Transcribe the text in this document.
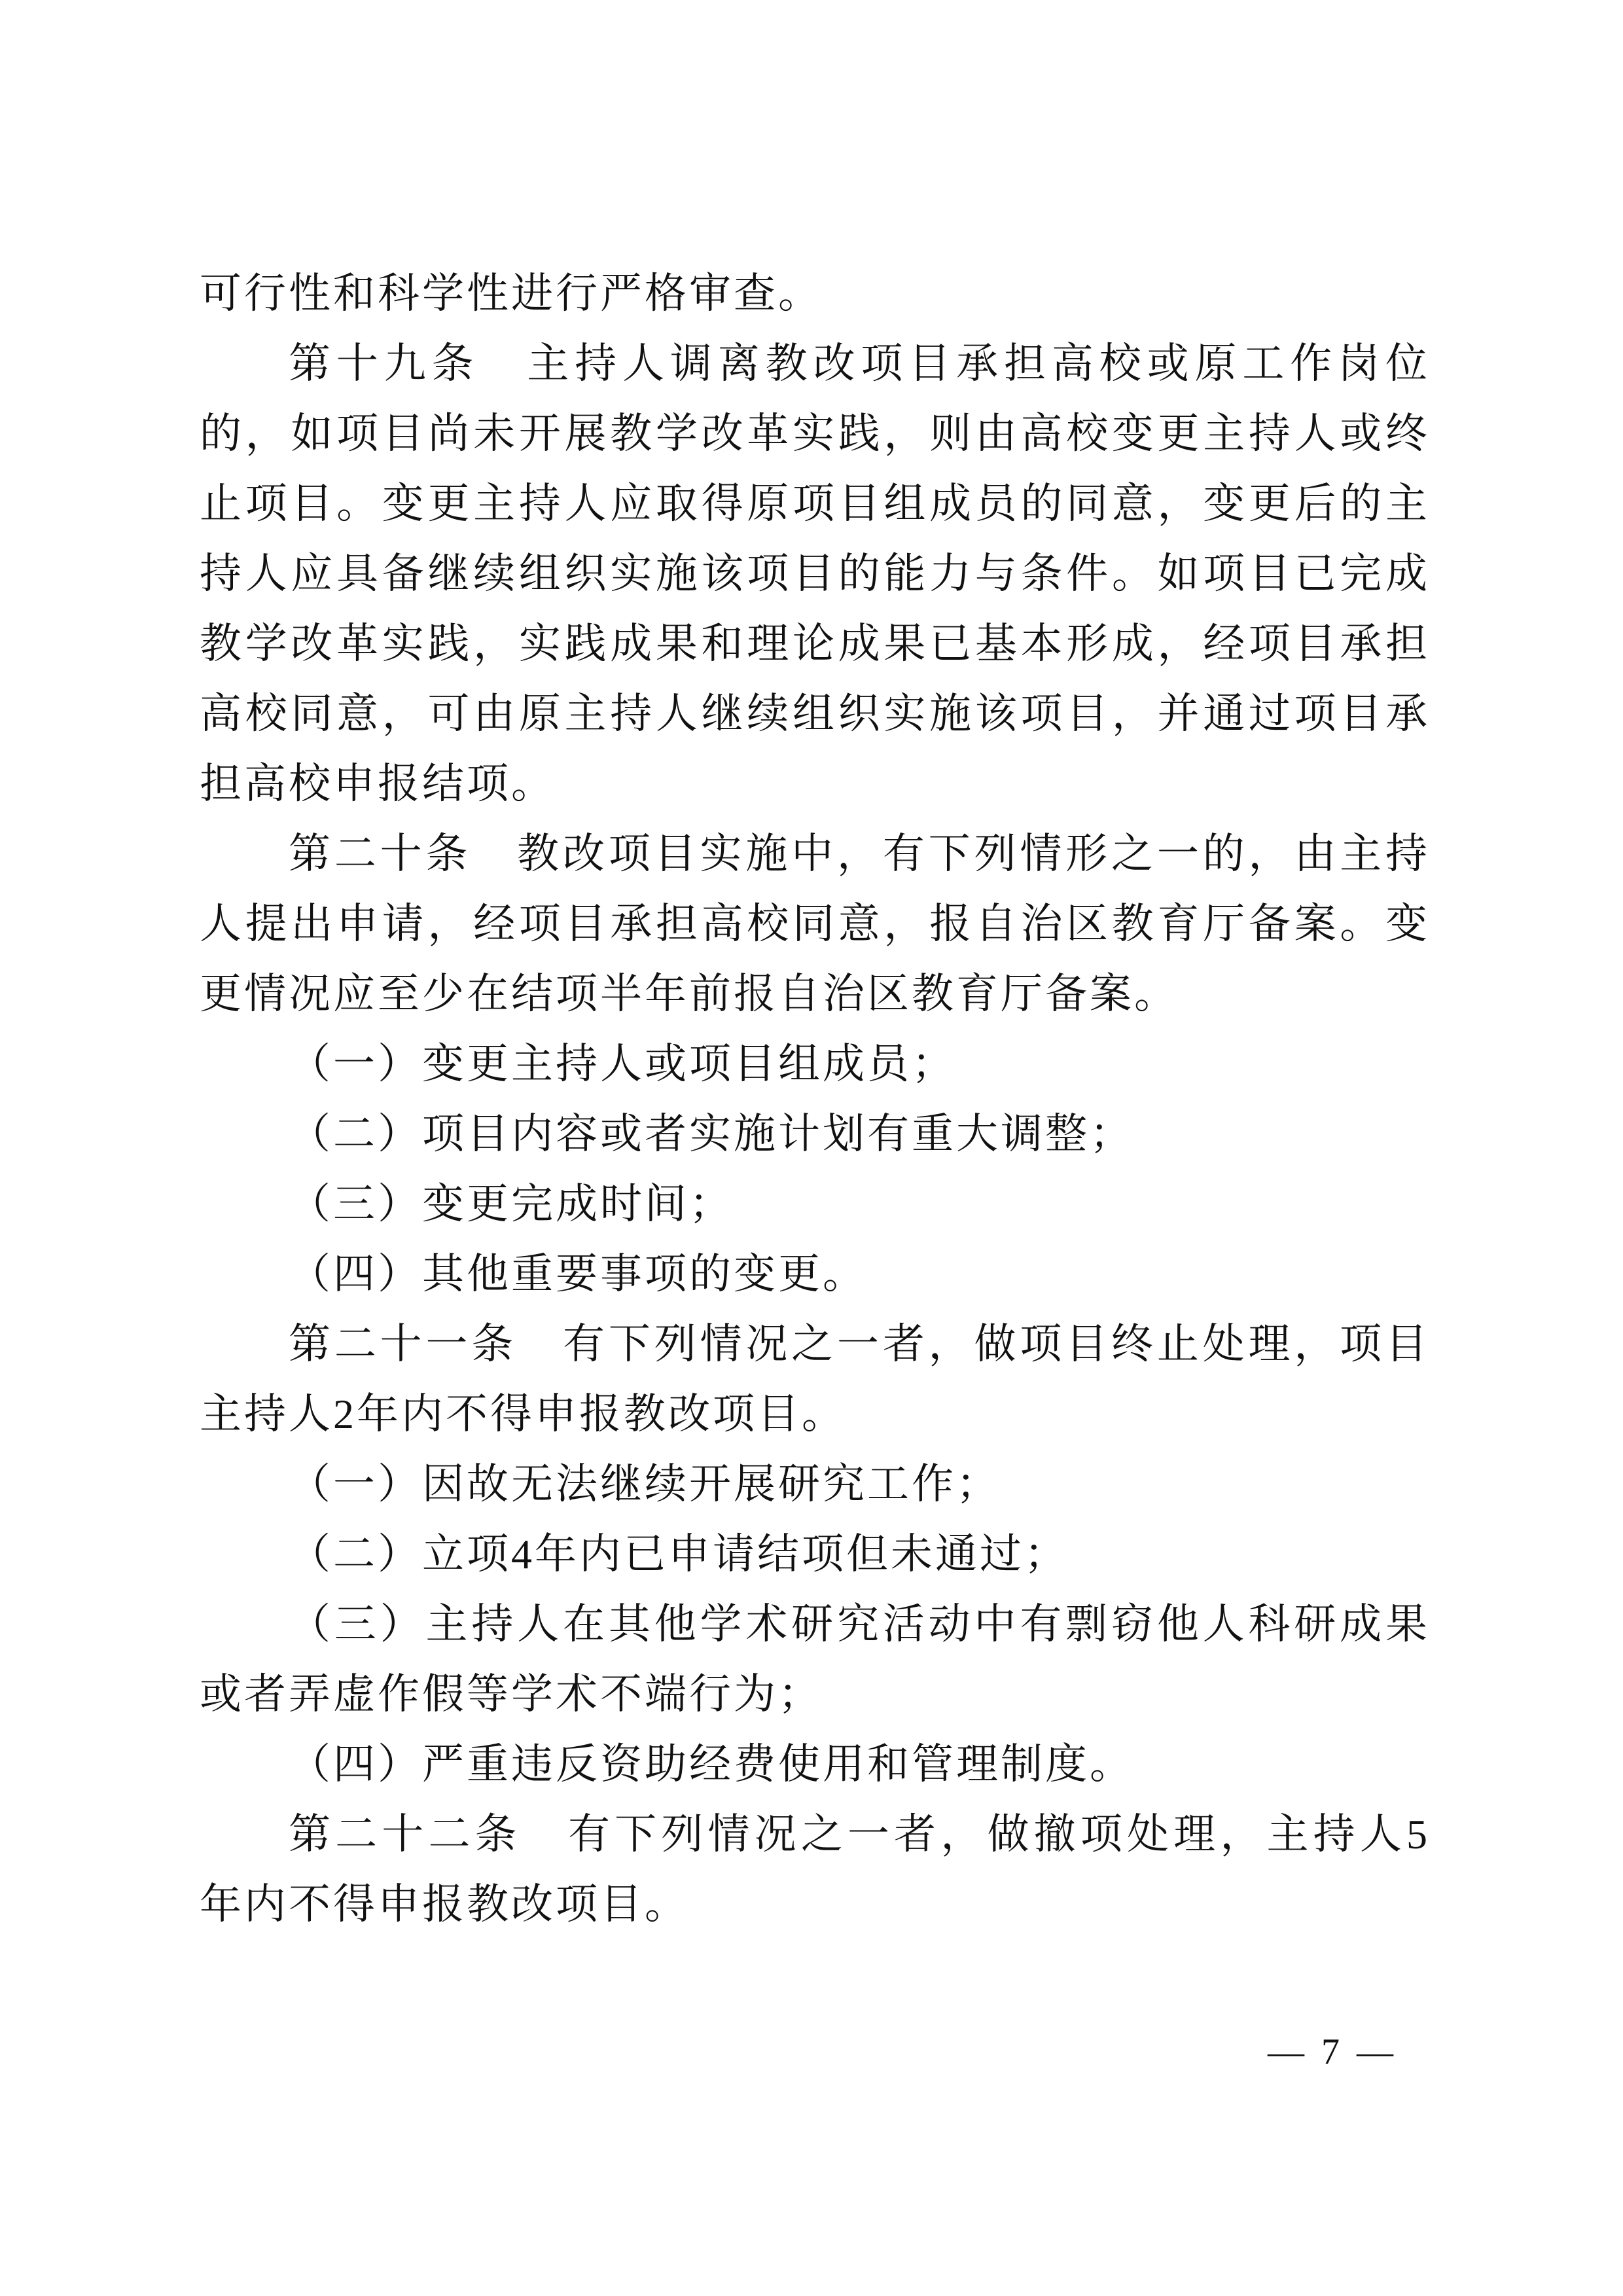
可行性和科学性进行严格审查。
第十九条　主持人调离教改项目承担高校或原工作岗位
的，如项目尚未开展教学改革实践，则由高校变更主持人或终
止项目。变更主持人应取得原项目组成员的同意，变更后的主
持人应具备继续组织实施该项目的能力与条件。如项目已完成
教学改革实践，实践成果和理论成果已基本形成，经项目承担
高校同意，可由原主持人继续组织实施该项目，并通过项目承
担高校申报结项。
第二十条　教改项目实施中，有下列情形之一的，由主持
人提出申请，经项目承担高校同意，报自治区教育厅备案。变
更情况应至少在结项半年前报自治区教育厅备案。
（一）变更主持人或项目组成员；
（二）项目内容或者实施计划有重大调整；
（三）变更完成时间；
（四）其他重要事项的变更。
第二十一条　有下列情况之一者，做项目终止处理，项目
主持人2年内不得申报教改项目。
（一）因故无法继续开展研究工作；
（二）立项4年内已申请结项但未通过；
（三）主持人在其他学术研究活动中有剽窃他人科研成果
或者弄虚作假等学术不端行为；
（四）严重违反资助经费使用和管理制度。
第二十二条　有下列情况之一者，做撤项处理，主持人5
年内不得申报教改项目。
— 7 —
